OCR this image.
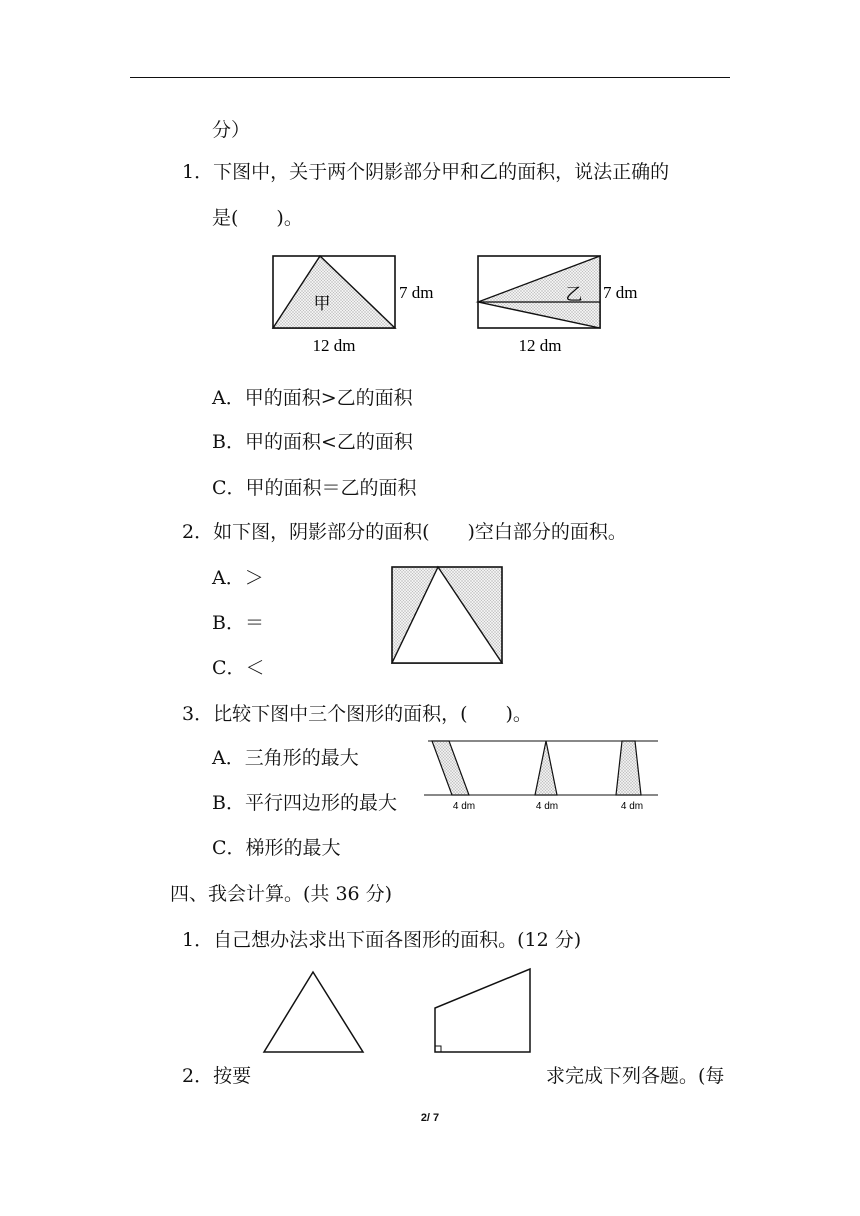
分）
1．下图中，关于两个阴影部分甲和乙的面积，说法正确的
是(　　)。
甲
7 dm
12 dm
乙 7 dm
12 dm
A．甲的面积>乙的面积
B．甲的面积<乙的面积
C．甲的面积＝乙的面积
2．如下图，阴影部分的面积(　　)空白部分的面积。
A．＞
B．＝
C．＜
3．比较下图中三个图形的面积，(　　)。
A．三角形的最大
B．平行四边形的最大
C．梯形的最大
4 dm	4 dm	4 dm
四、我会计算。(共 36 分)
1．自己想办法求出下面各图形的面积。(12 分)
2．按要	求完成下列各题。(每
2/ 7
